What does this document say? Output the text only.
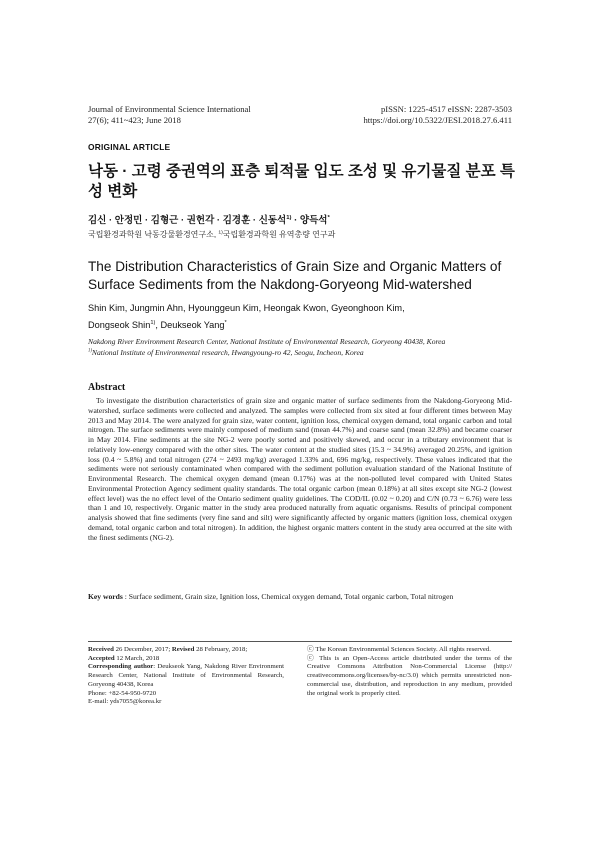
Journal of Environmental Science International
27(6); 411~423; June 2018
pISSN: 1225-4517 eISSN: 2287-3503
https://doi.org/10.5322/JESI.2018.27.6.411
ORIGINAL ARTICLE
낙동 · 고령 중권역의 표층 퇴적물 입도 조성 및 유기물질 분포 특성 변화
김신 · 안정민 · 김형근 · 권헌각 · 김경훈 · 신동석$^{1)}$ · 양득석*
국립환경과학원 낙동강물환경연구소, $^{1)}$국립환경과학원 유역총량 연구과
The Distribution Characteristics of Grain Size and Organic Matters of Surface Sediments from the Nakdong-Goryeong Mid-watershed
Shin Kim, Jungmin Ahn, Hyounggeun Kim, Heongak Kwon, Gyeonghoon Kim,
Dongseok Shin$^{1)}$, Deukseok Yang*
Nakdong River Environment Research Center, National Institute of Environmental Research, Goryeong 40438, Korea
$^{1)}$National Institute of Environmental research, Hwangyoung-ro 42, Seogu, Incheon, Korea
Abstract
To investigate the distribution characteristics of grain size and organic matter of surface sediments from the Nakdong-Goryeong Mid-watershed, surface sediments were collected and analyzed. The samples were collected from six sited at four different times between May 2013 and May 2014. The were analyzed for grain size, water content, ignition loss, chemical oxygen demand, total organic carbon and total nitrogen. The surface sediments were mainly composed of medium sand (mean 44.7%) and coarse sand (mean 32.8%) and became coarser in May 2014. Fine sediments at the site NG-2 were poorly sorted and positively skewed, and occur in a tributary environment that is relatively low-energy compared with the other sites. The water content at the studied sites (15.3 ~ 34.9%) averaged 20.25%, and ignition loss (0.4 ~ 5.8%) and total nitrogen (274 ~ 2493 mg/kg) averaged 1.33% and, 696 mg/kg, respectively. These values indicated that the sediments were not seriously contaminated when compared with the sediment pollution evaluation standard of the National Institute of Environmental Research. The chemical oxygen demand (mean 0.17%) was at the non-polluted level compared with United States Environmental Protection Agency sediment quality standards. The total organic carbon (mean 0.18%) at all sites except site NG-2 (lowest effect level) was the no effect level of the Ontario sediment quality guidelines. The COD/IL (0.02 ~ 0.20) and C/N (0.73 ~ 6.76) were less than 1 and 10, respectively. Organic matter in the study area produced naturally from aquatic organisms. Results of principal component analysis showed that fine sediments (very fine sand and silt) were significantly affected by organic matters (ignition loss, chemical oxygen demand, total organic carbon and total nitrogen). In addition, the highest organic matters content in the study area occurred at the site with the finest sediments (NG-2).
Key words : Surface sediment, Grain size, Ignition loss, Chemical oxygen demand, Total organic carbon, Total nitrogen
Received 26 December, 2017; Revised 28 February, 2018;
Accepted 12 March, 2018
Corresponding author: Deukseok Yang, Nakdong River Environment Research Center, National Institute of Environmental Research, Goryeong 40438, Korea
Phone: +82-54-950-9720
E-mail: yds7055@korea.kr

ⓒ The Korean Environmental Sciences Society. All rights reserved.

ⓒ This is an Open-Access article distributed under the terms of the Creative Commons Attribution Non-Commercial License (http:// creativecommons.org/licenses/by-nc/3.0) which permits unrestricted non-commercial use, distribution, and reproduction in any medium, provided the original work is properly cited.
